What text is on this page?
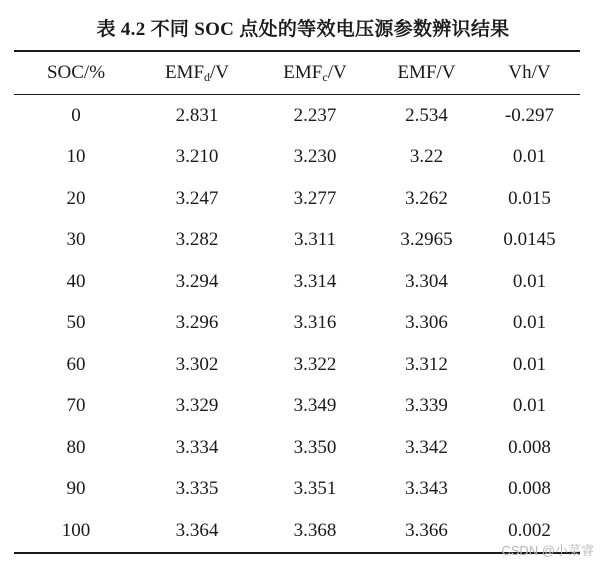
表 4.2 不同 SOC 点处的等效电压源参数辨识结果
SOC/%	$EMF_d/V$	$EMF_c/V$	EMF/V	Vh/V
0	2.831	2.237	2.534	-0.297
10	3.210	3.230	3.22	0.01
20	3.247	3.277	3.262	0.015
30	3.282	3.311	3.2965	0.0145
40	3.294	3.314	3.304	0.01
50	3.296	3.316	3.306	0.01
60	3.302	3.322	3.312	0.01
70	3.329	3.349	3.339	0.01
80	3.334	3.350	3.342	0.008
90	3.335	3.351	3.343	0.008
100	3.364	3.368	3.366	0.002
CSDN @小菜睿
